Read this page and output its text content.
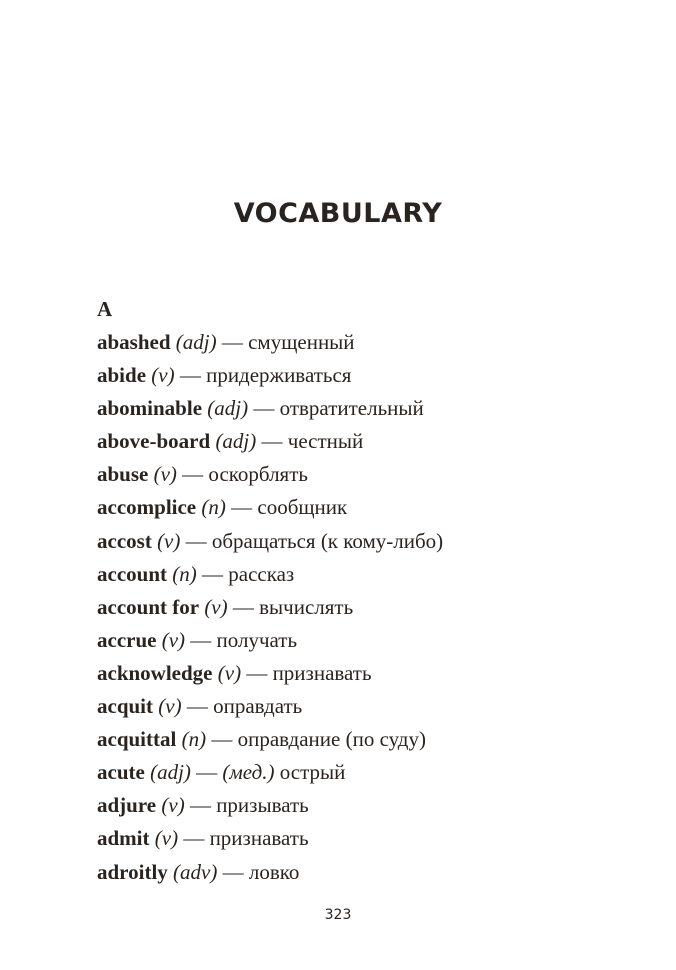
VOCABULARY
A
abashed (adj) — смущенный
abide (v) — придерживаться
abominable (adj) — отвратительный
above-board (adj) — честный
abuse (v) — оскорблять
accomplice (n) — сообщник
accost (v) — обращаться (к кому-либо)
account (n) — рассказ
account for (v) — вычислять
accrue (v) — получать
acknowledge (v) — признавать
acquit (v) — оправдать
acquittal (n) — оправдание (по суду)
acute (adj) — (мед.) острый
adjure (v) — призывать
admit (v) — признавать
adroitly (adv) — ловко
323
